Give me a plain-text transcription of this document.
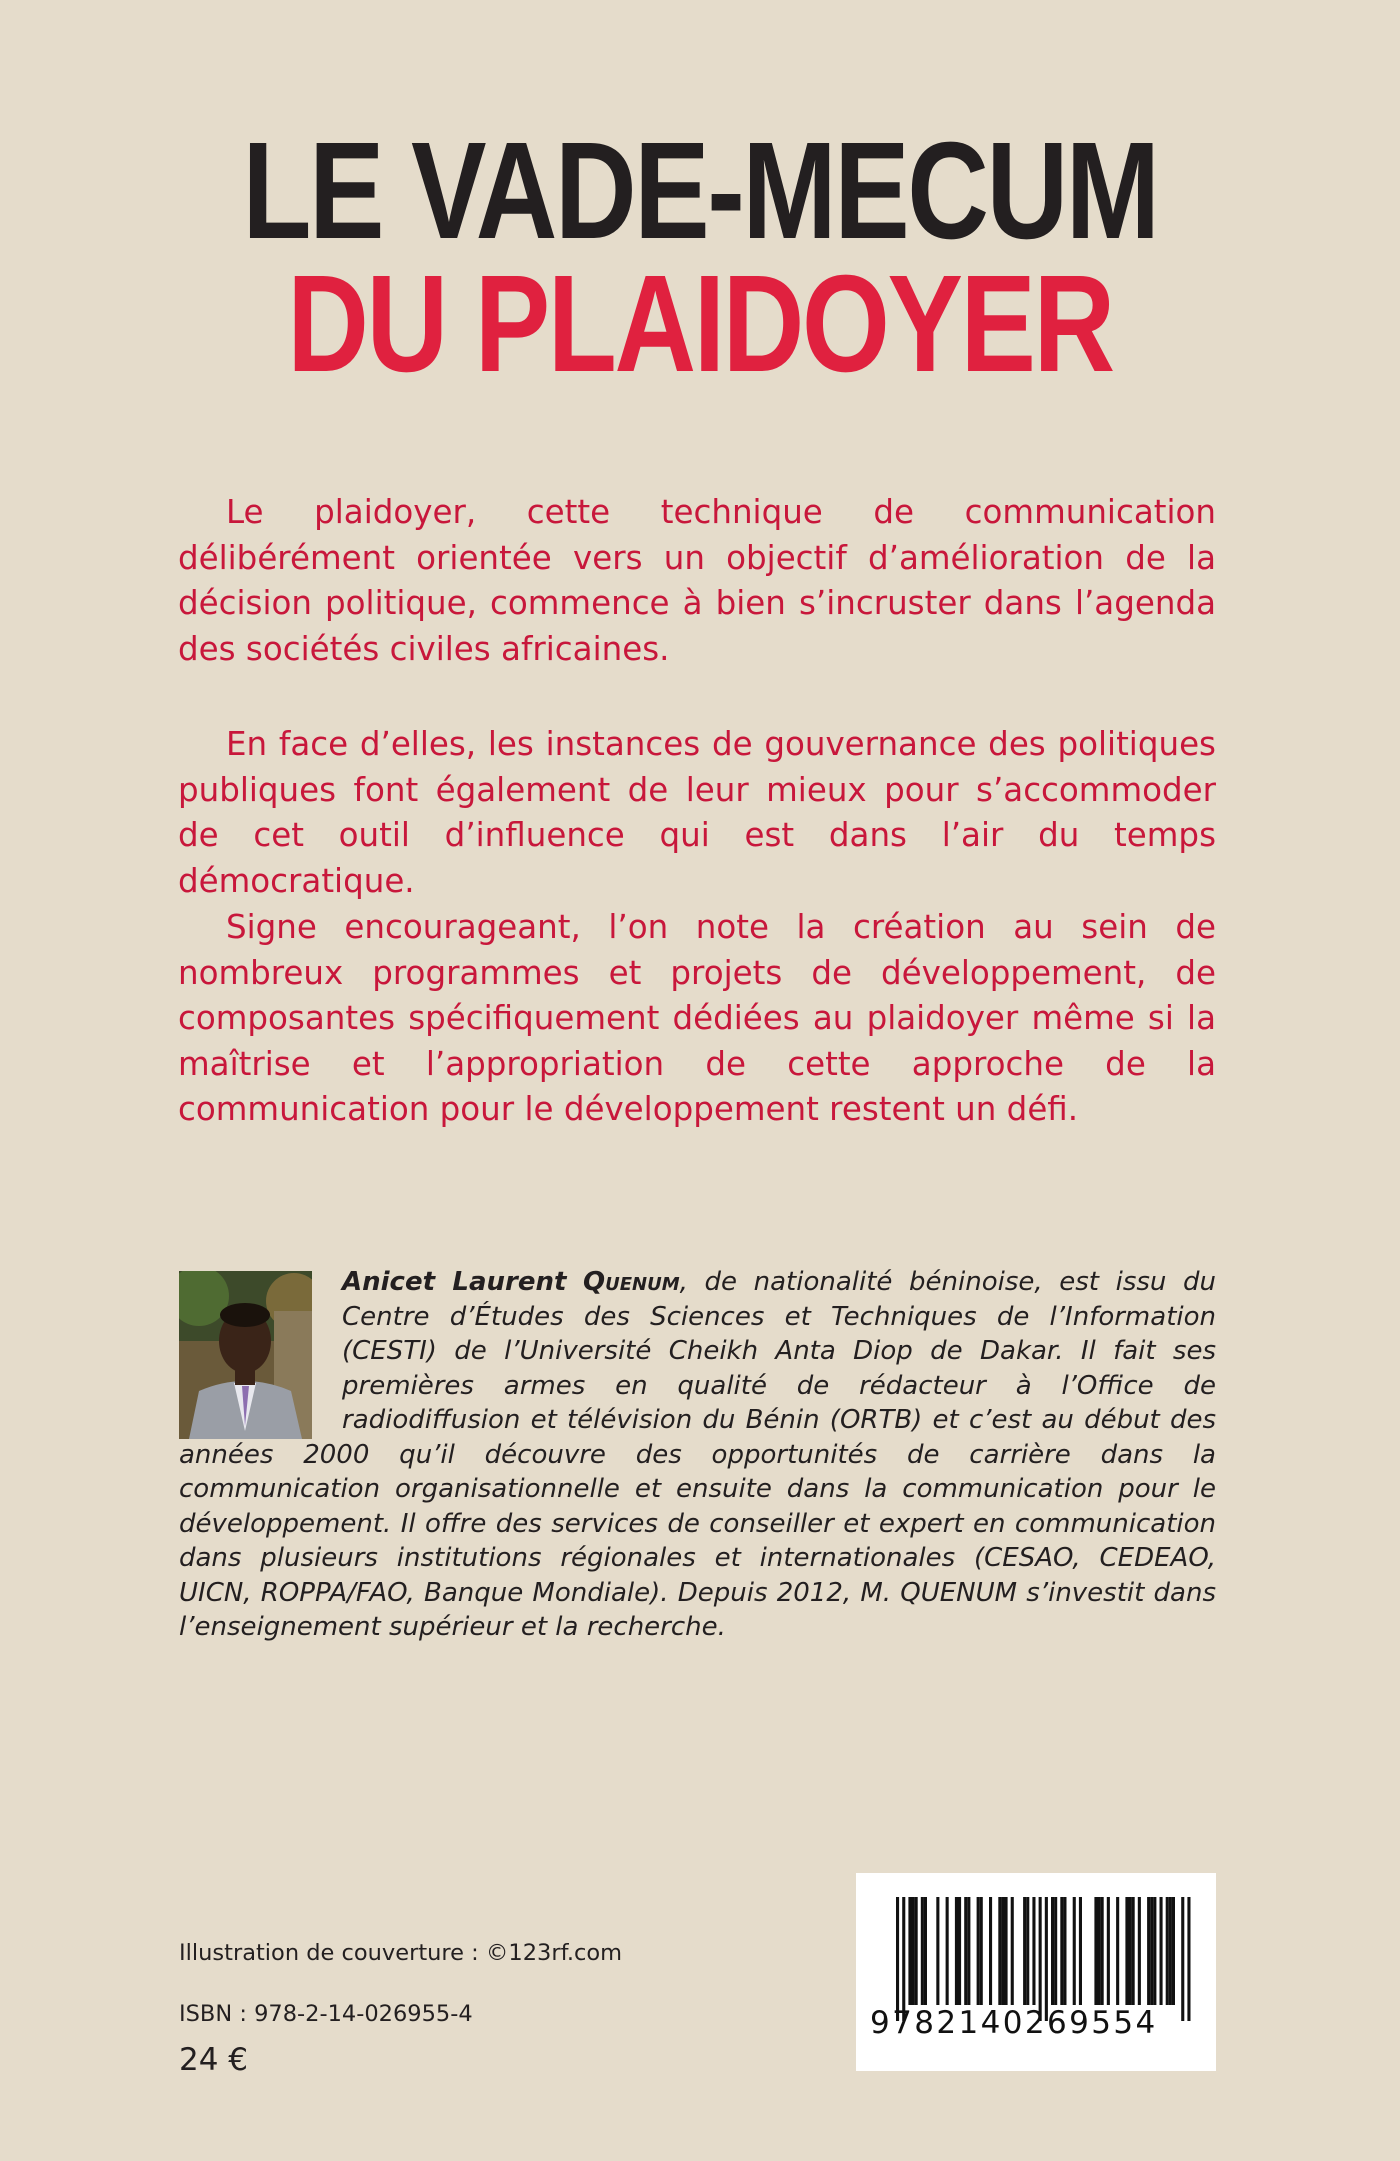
LE VADE-MECUM
DU PLAIDOYER

Le plaidoyer, cette technique de communication délibérément orientée vers un objectif d’amélioration de la décision politique, commence à bien s’incruster dans l’agenda des sociétés civiles africaines.

En face d’elles, les instances de gouvernance des politiques publiques font également de leur mieux pour s’accommoder de cet outil d’influence qui est dans l’air du temps démocratique.

Signe encourageant, l’on note la création au sein de nombreux programmes et projets de développement, de composantes spécifiquement dédiées au plaidoyer même si la maîtrise et l’appropriation de cette approche de la communication pour le développement restent un défi.

Anicet Laurent Quenum, de nationalité béninoise, est issu du Centre d’Études des Sciences et Techniques de l’Information (CESTI) de l’Université Cheikh Anta Diop de Dakar. Il fait ses premières armes en qualité de rédacteur à l’Office de radiodiffusion et télévision du Bénin (ORTB) et c’est au début des années 2000 qu’il découvre des opportunités de carrière dans la communication organisationnelle et ensuite dans la communication pour le développement. Il offre des services de conseiller et expert en communication dans plusieurs institutions régionales et internationales (CESAO, CEDEAO, UICN, ROPPA/FAO, Banque Mondiale). Depuis 2012, M. QUENUM s’investit dans l’enseignement supérieur et la recherche.

Illustration de couverture : ©123rf.com

ISBN : 978-2-14-026955-4

24 €

9782140269554
